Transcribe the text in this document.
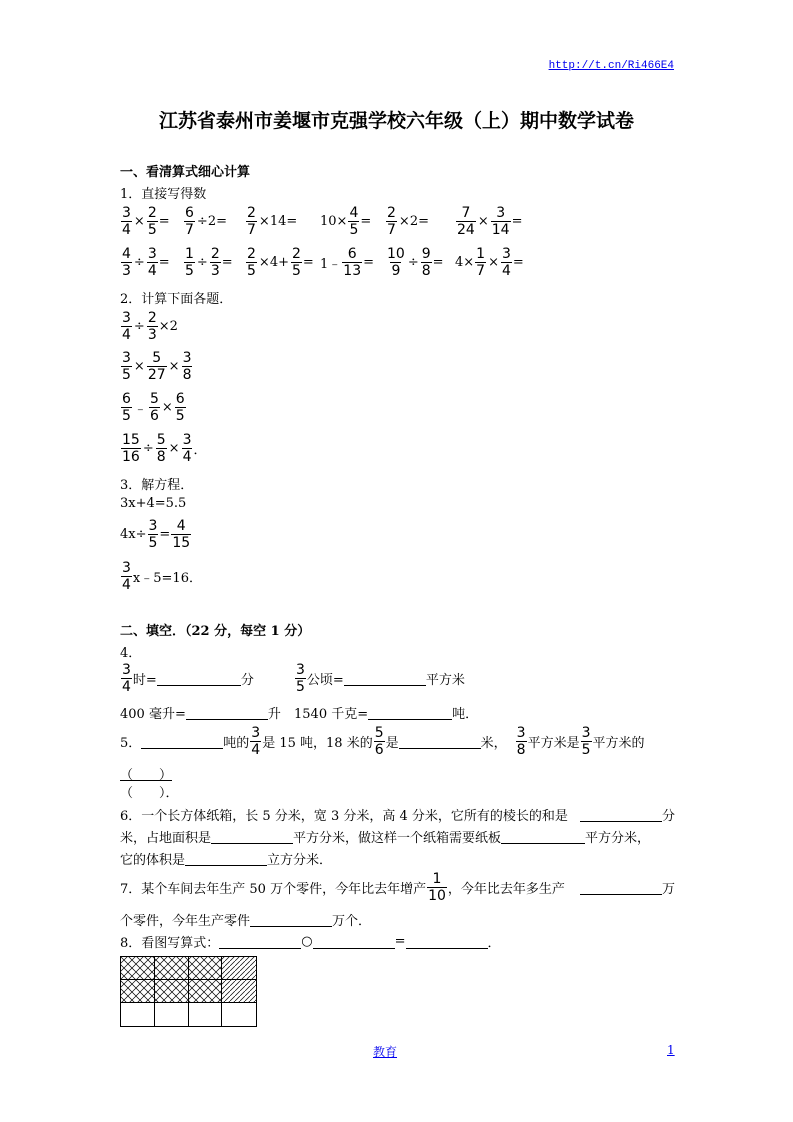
http://t.cn/Ri466E4
江苏省泰州市姜堰市克强学校六年级（上）期中数学试卷
一、看清算式细心计算
1．直接写得数
$\frac{3}{4} \times \frac{2}{5} = \frac{6}{7} \div 2= \frac{2}{7} \times 14= 10\times \frac{4}{5} = \frac{2}{7} \times 2= \frac{7}{24} \times \frac{3}{14}$ =
$\frac{4}{3} \div \frac{3}{4} = \frac{1}{5} \div \frac{2}{3} = \frac{2}{5} \times 4+ \frac{2}{5}$ = 1﹣ $\frac{6}{13} = \frac{10}{9} \div \frac{9}{8} = 4\times \frac{1}{7} \times \frac{3}{4}$ =
2．计算下面各题．
$\frac{3}{4} \div \frac{2}{3} \times 2$
$\frac{3}{5} \times \frac{5}{27} \times \frac{3}{8}$
$\frac{6}{5}$ ﹣ $\frac{5}{6} \times \frac{6}{5}$
$\frac{15}{16} \div \frac{5}{8} \times \frac{3}{4}$ ．
3．解方程．
3x+4=5.5
$4x\div \frac{3}{5} = \frac{4}{15}$
$\frac{3}{4}$ x﹣5=16．
二、填空．（22 分，每空 1 分）
4．
$\frac{3}{4}$ 时=	分	$\frac{3}{5}$ 公顷=	平方米
400 毫升=	升 1540 千克=	吨．
5．	吨的 $\frac{3}{4}$ 是 15 吨，18 米的 $\frac{5}{6}$ 是	米， $\frac{3}{8}$ 平方米是 $\frac{3}{5}$ 平方米的
（　　）
（　　）．
6．一个长方体纸箱，长 5 分米，宽 3 分米，高 4 分米，它所有的棱长的和是	分
米，占地面积是	平方分米，做这样一个纸箱需要纸板	平方分米，
它的体积是	立方分米．
7．某个车间去年生产 50 万个零件，今年比去年增产 $\frac{1}{10}$ ，今年比去年多生产	万
个零件，今年生产零件	万个．
8．看图写算式：	○	=	．
教育	1
